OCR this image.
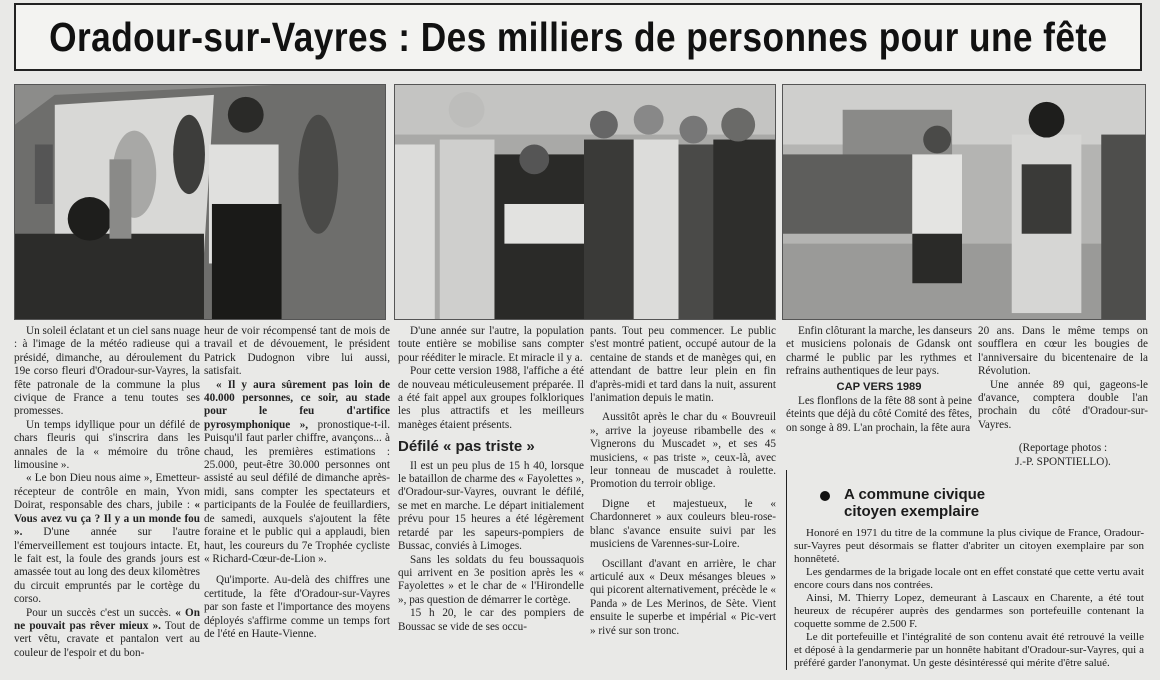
Oradour-sur-Vayres : Des milliers de personnes pour une fête

Un soleil éclatant et un ciel sans nuage : à l'image de la météo radieuse qui a présidé, dimanche, au déroulement du 19e corso fleuri d'Oradour-sur-Vayres, la fête patronale de la commune la plus civique de France a tenu toutes ses promesses.

Un temps idyllique pour un défilé de chars fleuris qui s'inscrira dans les annales de la « mémoire du trône limousine ».

« Le bon Dieu nous aime », Emetteur-récepteur de contrôle en main, Yvon Doirat, responsable des chars, jubile : « Vous avez vu ça ? Il y a un monde fou ». D'une année sur l'autre l'émerveillement est toujours intacte. Et, le fait est, la foule des grands jours est amassée tout au long des deux kilomètres du circuit empruntés par le cortège du corso.

Pour un succès c'est un succès. « On ne pouvait pas rêver mieux ». Tout de vert vêtu, cravate et pantalon vert au couleur de l'espoir et du bon-

heur de voir récompensé tant de mois de travail et de dévouement, le président Patrick Dudognon vibre lui aussi, satisfait.

« Il y aura sûrement pas loin de 40.000 personnes, ce soir, au stade pour le feu d'artifice pyrosymphonique », pronostique-t-il. Puisqu'il faut parler chiffre, avançons... à chaud, les premières estimations : 25.000, peut-être 30.000 personnes ont assisté au seul défilé de dimanche après-midi, sans compter les spectateurs et participants de la Foulée de feuillardiers, de samedi, auxquels s'ajoutent la fête foraine et le public qui a applaudi, bien haut, les coureurs du 7e Trophée cycliste « Richard-Cœur-de-Lion ».

Qu'importe. Au-delà des chiffres une certitude, la fête d'Oradour-sur-Vayres par son faste et l'importance des moyens déployés s'affirme comme un temps fort de l'été en Haute-Vienne.

D'une année sur l'autre, la population toute entière se mobilise sans compter pour rééditer le miracle. Et miracle il y a.

Pour cette version 1988, l'affiche a été de nouveau méticuleusement préparée. Il a été fait appel aux groupes folkloriques les plus attractifs et les meilleurs manèges étaient présents.

Défilé « pas triste »

Il est un peu plus de 15 h 40, lorsque le bataillon de charme des « Fayolettes », d'Oradour-sur-Vayres, ouvrant le défilé, se met en marche. Le départ initialement prévu pour 15 heures a été légèrement retardé par les sapeurs-pompiers de Bussac, conviés à Limoges.

Sans les soldats du feu boussaquois qui arrivent en 3e position après les « Fayolettes » et le char de « l'Hirondelle », pas question de démarrer le cortège.

15 h 20, le car des pompiers de Boussac se vide de ses occu-

pants. Tout peu commencer. Le public s'est montré patient, occupé autour de la centaine de stands et de manèges qui, en attendant de battre leur plein en fin d'après-midi et tard dans la nuit, assurent l'animation depuis le matin.

Aussitôt après le char du « Bouvreuil », arrive la joyeuse ribambelle des « Vignerons du Muscadet », et ses 45 musiciens, « pas triste », ceux-là, avec leur tonneau de muscadet à roulette. Promotion du terroir oblige.

Digne et majestueux, le « Chardonneret » aux couleurs bleu-rose-blanc s'avance ensuite suivi par les musiciens de Varennes-sur-Loire.

Oscillant d'avant en arrière, le char articulé aux « Deux mésanges bleues » qui picorent alternativement, précède le « Panda » de Les Merinos, de Sète. Vient ensuite le superbe et impérial « Pic-vert » rivé sur son tronc.

Enfin clôturant la marche, les danseurs et musiciens polonais de Gdansk ont charmé le public par les rythmes et refrains authentiques de leur pays.

CAP VERS 1989

Les flonflons de la fête 88 sont à peine éteints que déjà du côté Comité des fêtes, on songe à 89. L'an prochain, la fête aura

20 ans. Dans le même temps on soufflera en cœur les bougies de l'anniversaire du bicentenaire de la Révolution.

Une année 89 qui, gageons-le d'avance, comptera double l'an prochain du côté d'Oradour-sur-Vayres.

(Reportage photos :
J.-P. SPONTIELLO).
A commune civique
citoyen exemplaire

Honoré en 1971 du titre de la commune la plus civique de France, Oradour-sur-Vayres peut désormais se flatter d'abriter un citoyen exemplaire par son honnêteté.

Les gendarmes de la brigade locale ont en effet constaté que cette vertu avait encore cours dans nos contrées.

Ainsi, M. Thierry Lopez, demeurant à Lascaux en Charente, a été tout heureux de récupérer auprès des gendarmes son portefeuille contenant la coquette somme de 2.500 F.

Le dit portefeuille et l'intégralité de son contenu avait été retrouvé la veille et déposé à la gendarmerie par un honnête habitant d'Oradour-sur-Vayres, qui a préféré garder l'anonymat. Un geste désintéressé qui mérite d'être salué.
